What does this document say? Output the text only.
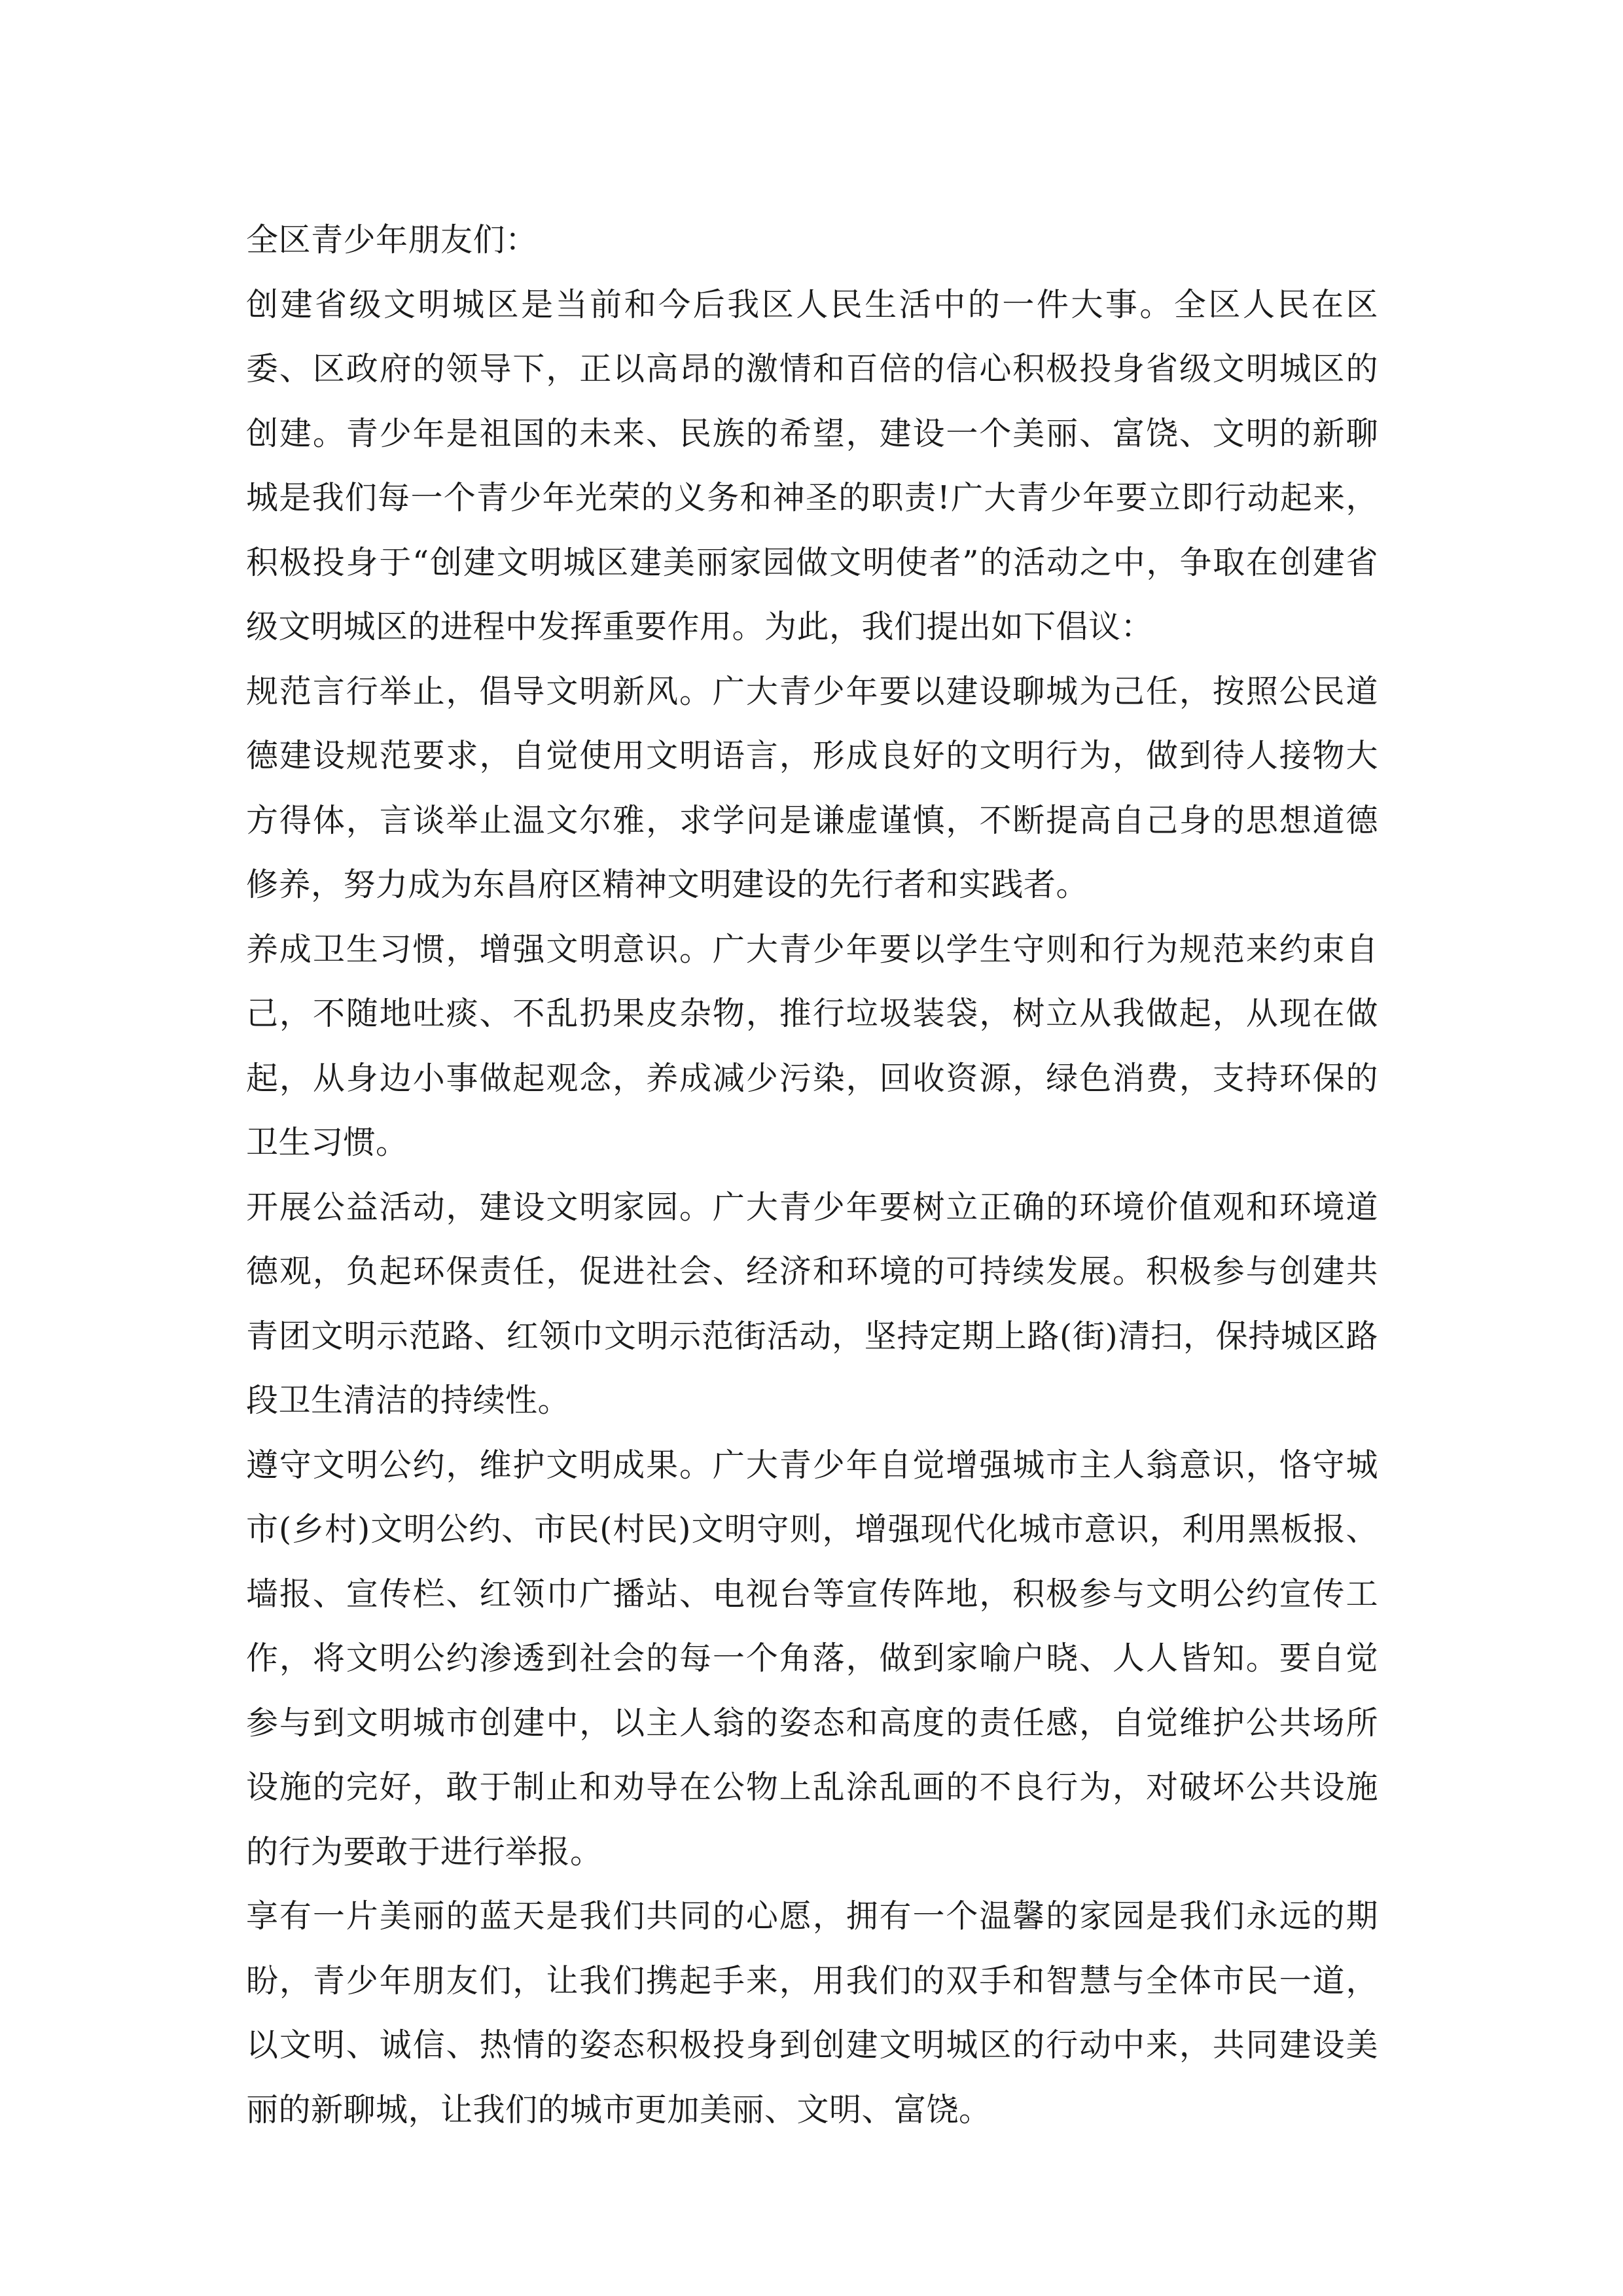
全区青少年朋友们：

创建省级文明城区是当前和今后我区人民生活中的一件大事。全区人民在区委、区政府的领导下，正以高昂的激情和百倍的信心积极投身省级文明城区的创建。青少年是祖国的未来、民族的希望，建设一个美丽、富饶、文明的新聊城是我们每一个青少年光荣的义务和神圣的职责!广大青少年要立即行动起来，积极投身于“创建文明城区建美丽家园做文明使者”的活动之中，争取在创建省级文明城区的进程中发挥重要作用。为此，我们提出如下倡议：

规范言行举止，倡导文明新风。广大青少年要以建设聊城为己任，按照公民道德建设规范要求，自觉使用文明语言，形成良好的文明行为，做到待人接物大方得体，言谈举止温文尔雅，求学问是谦虚谨慎，不断提高自己身的思想道德修养，努力成为东昌府区精神文明建设的先行者和实践者。

养成卫生习惯，增强文明意识。广大青少年要以学生守则和行为规范来约束自己，不随地吐痰、不乱扔果皮杂物，推行垃圾装袋，树立从我做起，从现在做起，从身边小事做起观念，养成减少污染，回收资源，绿色消费，支持环保的卫生习惯。

开展公益活动，建设文明家园。广大青少年要树立正确的环境价值观和环境道德观，负起环保责任，促进社会、经济和环境的可持续发展。积极参与创建共青团文明示范路、红领巾文明示范街活动，坚持定期上路(街)清扫，保持城区路段卫生清洁的持续性。

遵守文明公约，维护文明成果。广大青少年自觉增强城市主人翁意识，恪守城市(乡村)文明公约、市民(村民)文明守则，增强现代化城市意识，利用黑板报、墙报、宣传栏、红领巾广播站、电视台等宣传阵地，积极参与文明公约宣传工作，将文明公约渗透到社会的每一个角落，做到家喻户晓、人人皆知。要自觉参与到文明城市创建中，以主人翁的姿态和高度的责任感，自觉维护公共场所设施的完好，敢于制止和劝导在公物上乱涂乱画的不良行为，对破坏公共设施的行为要敢于进行举报。

享有一片美丽的蓝天是我们共同的心愿，拥有一个温馨的家园是我们永远的期盼，青少年朋友们，让我们携起手来，用我们的双手和智慧与全体市民一道，以文明、诚信、热情的姿态积极投身到创建文明城区的行动中来，共同建设美丽的新聊城，让我们的城市更加美丽、文明、富饶。
